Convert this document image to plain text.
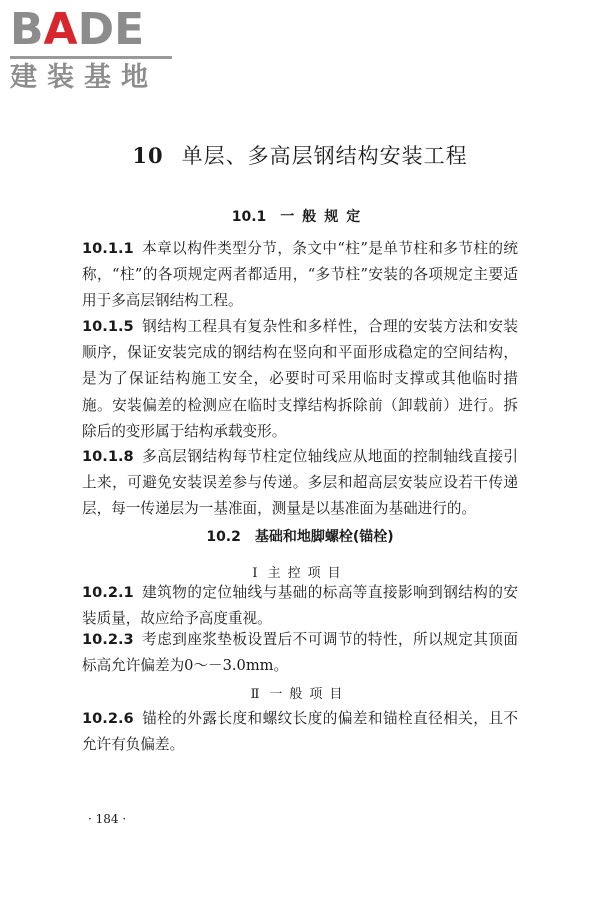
BADE
建装基地
10 单层、多高层钢结构安装工程
10.1 一般规定

10.1.1 本章以构件类型分节，条文中“柱”是单节柱和多节柱的统称，“柱”的各项规定两者都适用，“多节柱”安装的各项规定主要适用于多高层钢结构工程。

10.1.5 钢结构工程具有复杂性和多样性，合理的安装方法和安装顺序，保证安装完成的钢结构在竖向和平面形成稳定的空间结构，是为了保证结构施工安全，必要时可采用临时支撑或其他临时措施。安装偏差的检测应在临时支撑结构拆除前（卸载前）进行。拆除后的变形属于结构承载变形。

10.1.8 多高层钢结构每节柱定位轴线应从地面的控制轴线直接引上来，可避免安装误差参与传递。多层和超高层安装应设若干传递层，每一传递层为一基准面，测量是以基准面为基础进行的。

10.2 基础和地脚螺栓(锚栓)
Ⅰ 主控项目

10.2.1 建筑物的定位轴线与基础的标高等直接影响到钢结构的安装质量，故应给予高度重视。

10.2.3 考虑到座浆垫板设置后不可调节的特性，所以规定其顶面标高允许偏差为0～－3.0mm。

Ⅱ 一般项目

10.2.6 锚栓的外露长度和螺纹长度的偏差和锚栓直径相关，且不允许有负偏差。

· 184 ·
